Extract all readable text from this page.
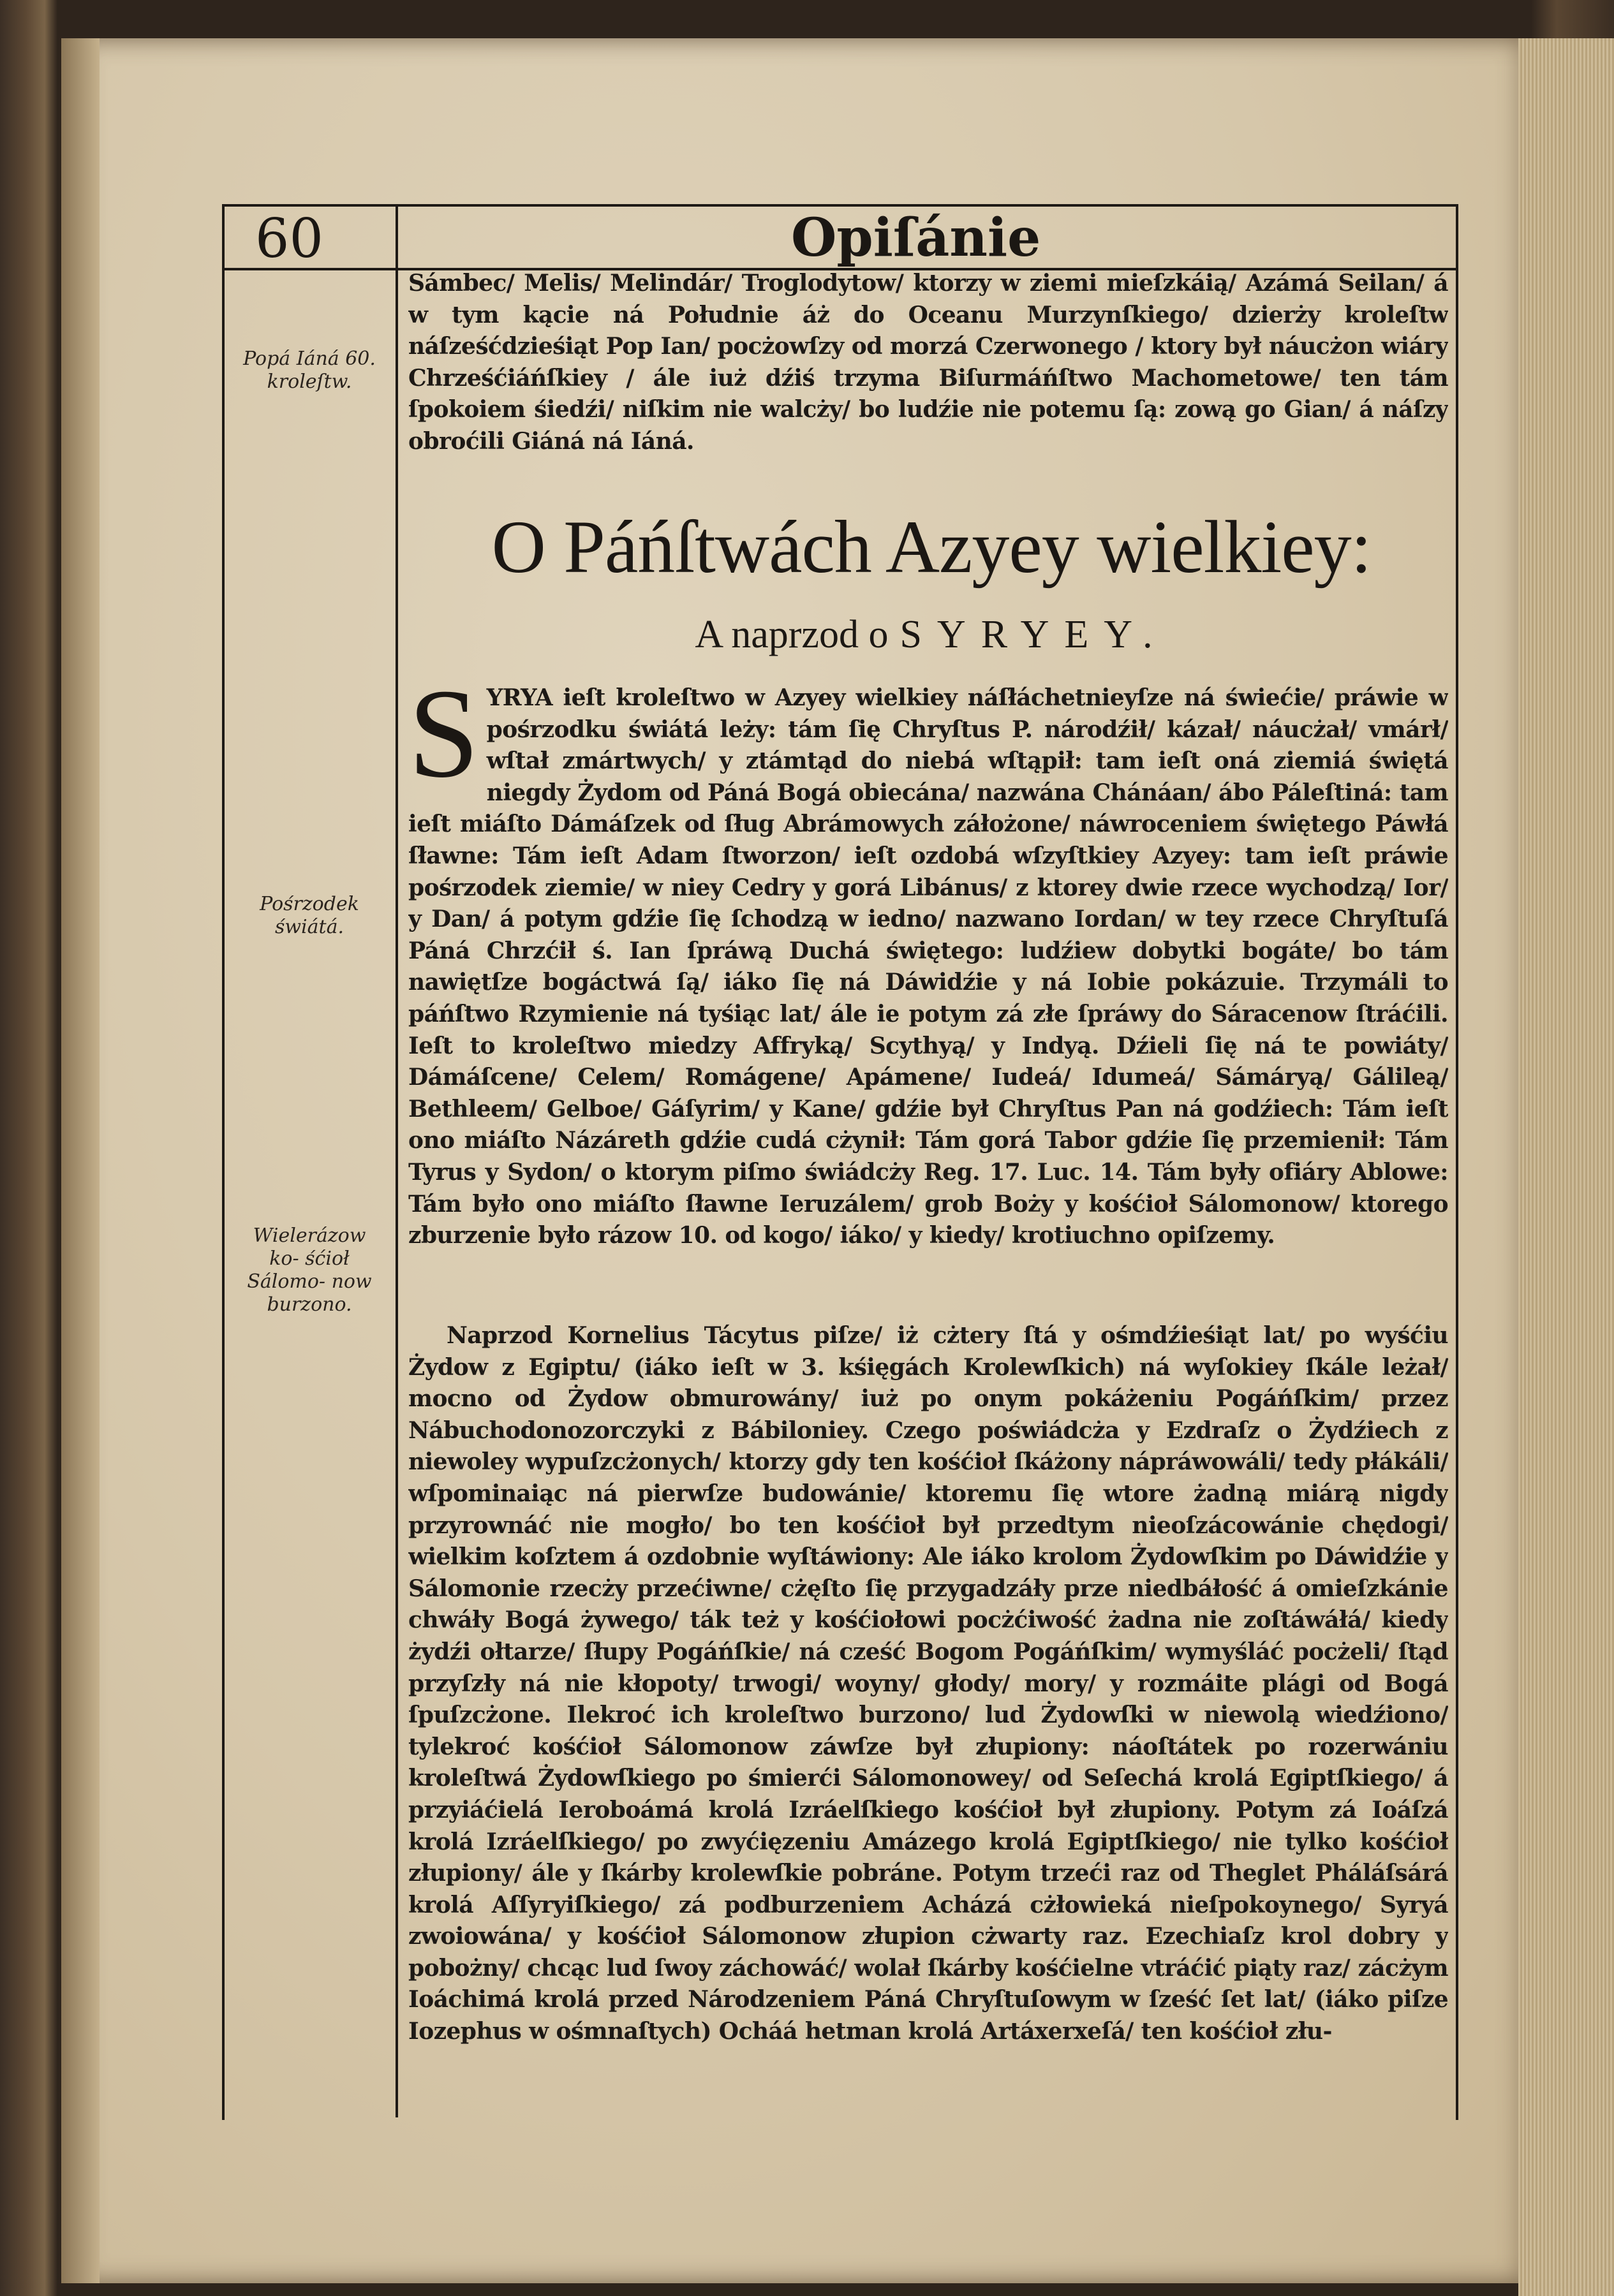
60	Opiſánie
Popá Iáná 60. kroleſtw.
Pośrzodek świátá.
Wielerázow ko- śćioł Sálomo- now burzono.

Sámbec/ Melis/ Melindár/ Troglodytow/ ktorzy w ziemi mieſzkáią/ Azámá Seilan/ á w tym kącie ná Południe áż do Oceanu Murzynſkiego/ dzierży kroleſtw náſześćdzieśiąt Pop Ian/ pocżowſzy od morzá Czerwonego / ktory był náucżon wiáry Chrześćiáńſkiey / ále iuż dźiś trzyma Biſurmáńſtwo Machometowe/ ten tám ſpokoiem śiedźi/ niſkim nie walcży/ bo ludźie nie potemu ſą: zową go Gian/ á náſzy obroćili Giáná ná Iáná.

O Páńſtwách Azyey wielkiey:
A naprzod o SYRYEY.
S YRYA ieſt kroleſtwo w Azyey wielkiey náſłáchetnieyſze ná świećie/ práwie w pośrzodku świátá leży: tám ſię Chryſtus P. národźił/ kázał/ náucżał/ vmárł/ wſtał zmártwych/ y ztámtąd do niebá wſtąpił: tam ieſt oná ziemiá świętá niegdy Żydom od Páná Bogá obiecána/ nazwána Chánáan/ ábo Páleſtiná: tam ieſt miáſto Dámáſzek od ſług Abrámowych záłożone/ náwroceniem świętego Páwłá ſławne: Tám ieſt Adam ſtworzon/ ieſt ozdobá wſzyſtkiey Azyey: tam ieſt práwie pośrzodek ziemie/ w niey Cedry y gorá Libánus/ z ktorey dwie rzece wychodzą/ Ior/ y Dan/ á potym gdźie ſię ſchodzą w iedno/ nazwano Iordan/ w tey rzece Chryſtuſá Páná Chrzćił ś. Ian ſpráwą Duchá świętego: ludźiew dobytki bogáte/ bo tám nawiętſze bogáctwá ſą/ iáko ſię ná Dáwidźie y ná Iobie pokázuie. Trzymáli to páńſtwo Rzymienie ná tyśiąc lat/ ále ie potym zá złe ſpráwy do Sáracenow ſtráćili. Ieſt to kroleſtwo miedzy Affryką/ Scythyą/ y Indyą. Dźieli ſię ná te powiáty/ Dámáſcene/ Celem/ Romágene/ Apámene/ Iudeá/ Idumeá/ Sámáryą/ Gálileą/ Bethleem/ Gelboe/ Gáſyrim/ y Kane/ gdźie był Chryſtus Pan ná godźiech: Tám ieſt ono miáſto Názáreth gdźie cudá cżynił: Tám gorá Tabor gdźie ſię przemienił: Tám Tyrus y Sydon/ o ktorym piſmo świádcży Reg. 17. Luc. 14. Tám były ofiáry Ablowe: Tám było ono miáſto ſławne Ieruzálem/ grob Boży y kośćioł Sálomonow/ ktorego zburzenie było rázow 10. od kogo/ iáko/ y kiedy/ krotiuchno opiſzemy.

Naprzod Kornelius Tácytus piſze/ iż cżtery ſtá y ośmdźieśiąt lat/ po wyśćiu Żydow z Egiptu/ (iáko ieſt w 3. kśięgách Krolewſkich) ná wyſokiey ſkále leżał/ mocno od Żydow obmurowány/ iuż po onym pokáżeniu Pogáńſkim/ przez Nábuchodonozorczyki z Bábiloniey. Czego poświádcża y Ezdraſz o Żydźiech z niewoley wypuſzcżonych/ ktorzy gdy ten kośćioł ſkáżony nápráwowáli/ tedy płákáli/ wſpominaiąc ná pierwſze budowánie/ ktoremu ſię wtore żadną miárą nigdy przyrownáć nie mogło/ bo ten kośćioł był przedtym nieoſzácowánie chędogi/ wielkim koſztem á ozdobnie wyſtáwiony: Ale iáko krolom Żydowſkim po Dáwidźie y Sálomonie rzecży przećiwne/ cżęſto ſię przygadzáły prze niedbáłość á omieſzkánie chwáły Bogá żywego/ ták też y kośćiołowi pocżćiwość żadna nie zoſtáwáłá/ kiedy żydźi ołtarze/ ſłupy Pogáńſkie/ ná cześć Bogom Pogáńſkim/ wymyśláć pocżeli/ ſtąd przyſzły ná nie kłopoty/ trwogi/ woyny/ głody/ mory/ y rozmáite plági od Bogá ſpuſzcżone. Ilekroć ich kroleſtwo burzono/ lud Żydowſki w niewolą wiedźiono/ tylekroć kośćioł Sálomonow záwſze był złupiony: náoſtátek po rozerwániu kroleſtwá Żydowſkiego po śmierći Sálomonowey/ od Seſechá krolá Egiptſkiego/ á przyiáćielá Ieroboámá krolá Izráelſkiego kośćioł był złupiony. Potym zá Ioáſzá krolá Izráelſkiego/ po zwyćięzeniu Amázego krolá Egiptſkiego/ nie tylko kośćioł złupiony/ ále y ſkárby krolewſkie pobráne. Potym trzeći raz od Theglet Pháláſsárá krolá Aſſyryiſkiego/ zá podburzeniem Acházá cżłowieká nieſpokoynego/ Syryá zwoiowána/ y kośćioł Sálomonow złupion cżwarty raz. Ezechiaſz krol dobry y pobożny/ chcąc lud ſwoy záchowáć/ wolał ſkárby kośćielne vtráćić piąty raz/ zácżym Ioáchimá krolá przed Národzeniem Páná Chryſtuſowym w ſześć ſet lat/ (iáko piſze Iozephus w ośmnaſtych) Ocháá hetman krolá Artáxerxeſá/ ten kośćioł złu-
